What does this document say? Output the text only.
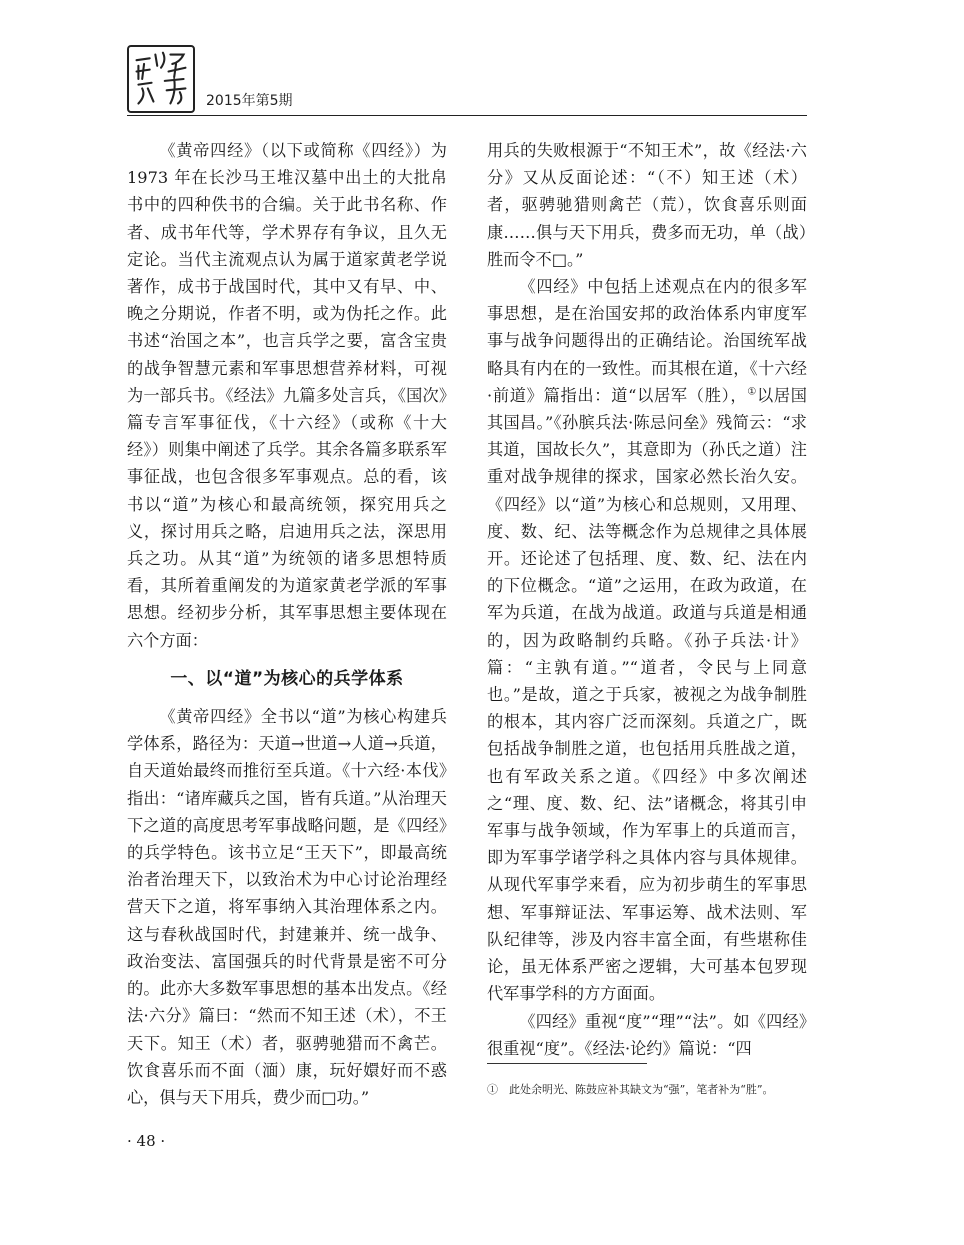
2015年第5期

《黄帝四经》（以下或简称《四经》）为 1973 年在长沙马王堆汉墓中出土的大批帛书中的四种佚书的合编。关于此书名称、作者、成书年代等，学术界存有争议，且久无定论。当代主流观点认为属于道家黄老学说著作，成书于战国时代，其中又有早、中、晚之分期说，作者不明，或为伪托之作。此书述“治国之本”，也言兵学之要，富含宝贵的战争智慧元素和军事思想营养材料，可视为一部兵书。《经法》九篇多处言兵，《国次》篇专言军事征伐，《十六经》（或称《十大经》）则集中阐述了兵学。其余各篇多联系军事征战，也包含很多军事观点。总的看，该书以“道”为核心和最高统领，探究用兵之义，探讨用兵之略，启迪用兵之法，深思用兵之功。从其“道”为统领的诸多思想特质看，其所着重阐发的为道家黄老学派的军事思想。经初步分析，其军事思想主要体现在六个方面：

一、以“道”为核心的兵学体系

《黄帝四经》全书以“道”为核心构建兵学体系，路径为：天道→世道→人道→兵道，自天道始最终而推衍至兵道。《十六经·本伐》指出：“诸库藏兵之国，皆有兵道。”从治理天下之道的高度思考军事战略问题，是《四经》的兵学特色。该书立足“王天下”，即最高统治者治理天下，以致治术为中心讨论治理经营天下之道，将军事纳入其治理体系之内。这与春秋战国时代，封建兼并、统一战争、政治变法、富国强兵的时代背景是密不可分的。此亦大多数军事思想的基本出发点。《经法·六分》篇曰：“然而不知王述（术），不王天下。知王（术）者，驱骋驰猎而不禽芒。饮食喜乐而不面（湎）康，玩好嬛好而不惑心，俱与天下用兵，费少而□功。”

用兵的失败根源于“不知王术”，故《经法·六分》又从反面论述：“（不）知王述（术）者，驱骋驰猎则禽芒（荒），饮食喜乐则面康……俱与天下用兵，费多而无功，单（战）胜而令不□。”

《四经》中包括上述观点在内的很多军事思想，是在治国安邦的政治体系内审度军事与战争问题得出的正确结论。治国统军战略具有内在的一致性。而其根在道，《十六经·前道》篇指出：道“以居军（胜），①以居国其国昌。”《孙膑兵法·陈忌问垒》残简云：“求其道，国故长久”，其意即为（孙氏之道）注重对战争规律的探求，国家必然长治久安。《四经》以“道”为核心和总规则，又用理、度、数、纪、法等概念作为总规律之具体展开。还论述了包括理、度、数、纪、法在内的下位概念。“道”之运用，在政为政道，在军为兵道，在战为战道。政道与兵道是相通的，因为政略制约兵略。《孙子兵法·计》篇：“主孰有道。”“道者，令民与上同意也。”是故，道之于兵家，被视之为战争制胜的根本，其内容广泛而深刻。兵道之广，既包括战争制胜之道，也包括用兵胜战之道，也有军政关系之道。《四经》中多次阐述之“理、度、数、纪、法”诸概念，将其引申军事与战争领域，作为军事上的兵道而言，即为军事学诸学科之具体内容与具体规律。从现代军事学来看，应为初步萌生的军事思想、军事辩证法、军事运筹、战术法则、军队纪律等，涉及内容丰富全面，有些堪称佳论，虽无体系严密之逻辑，大可基本包罗现代军事学科的方方面面。

《四经》重视“度”“理”“法”。如《四经》很重视“度”。《经法·论约》篇说：“四

①　此处余明光、陈鼓应补其缺文为“强”，笔者补为“胜”。
· 48 ·
